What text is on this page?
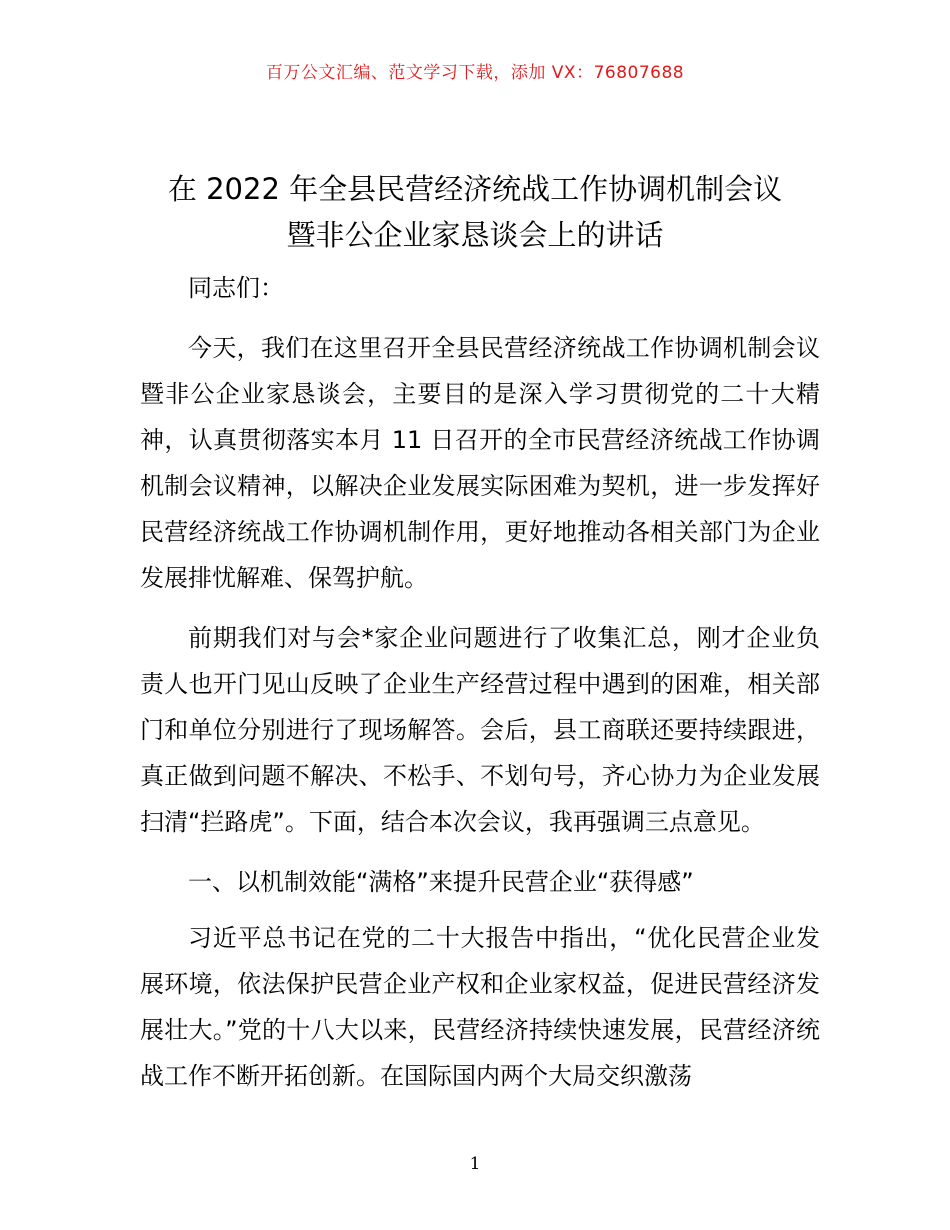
百万公文汇编、范文学习下载，添加 VX：76807688
在 2022 年全县民营经济统战工作协调机制会议
暨非公企业家恳谈会上的讲话

同志们：

今天，我们在这里召开全县民营经济统战工作协调机制会议暨非公企业家恳谈会，主要目的是深入学习贯彻党的二十大精神，认真贯彻落实本月 11 日召开的全市民营经济统战工作协调机制会议精神，以解决企业发展实际困难为契机，进一步发挥好民营经济统战工作协调机制作用，更好地推动各相关部门为企业发展排忧解难、保驾护航。

前期我们对与会*家企业问题进行了收集汇总，刚才企业负责人也开门见山反映了企业生产经营过程中遇到的困难，相关部门和单位分别进行了现场解答。会后，县工商联还要持续跟进，真正做到问题不解决、不松手、不划句号，齐心协力为企业发展扫清“拦路虎”。下面，结合本次会议，我再强调三点意见。

一、以机制效能“满格”来提升民营企业“获得感”

习近平总书记在党的二十大报告中指出，“优化民营企业发展环境，依法保护民营企业产权和企业家权益，促进民营经济发展壮大。”党的十八大以来，民营经济持续快速发展，民营经济统战工作不断开拓创新。在国际国内两个大局交织激荡

1
